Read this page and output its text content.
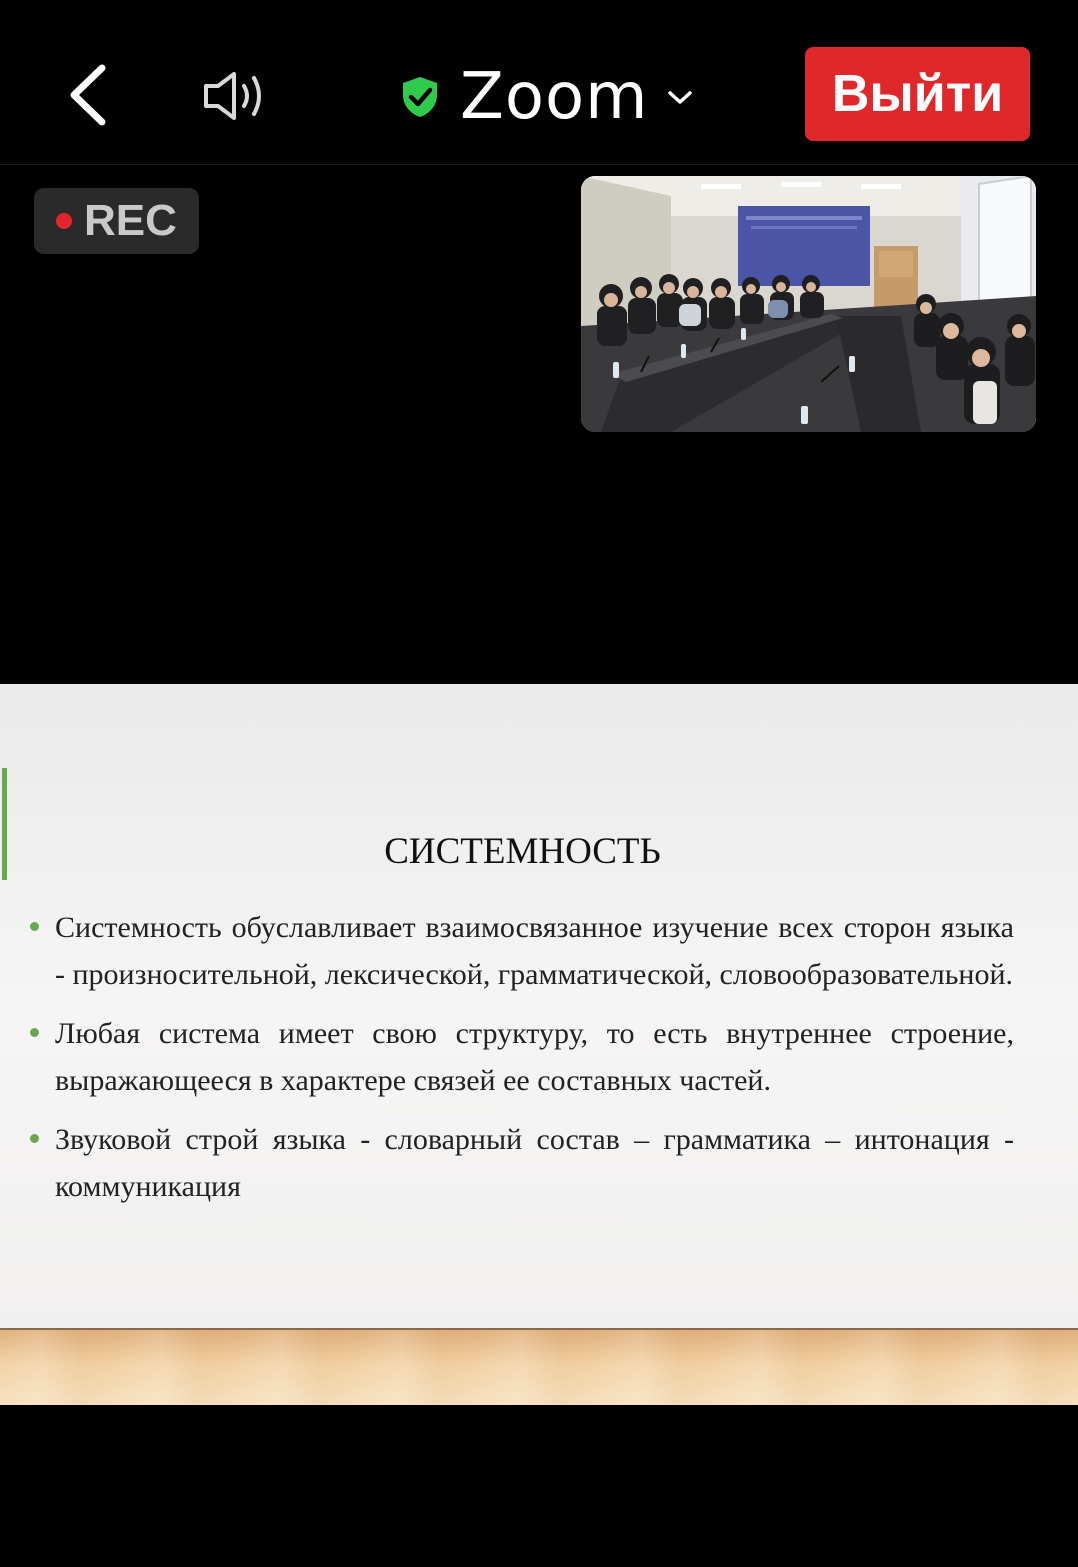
Zoom	Выйти
REC
СИСТЕМНОСТЬ
Системность обуславливает взаимосвязанное изучение всех сторон языка - произносительной, лексической, грамматической, словообразовательной.
Любая система имеет свою структуру, то есть внутреннее строение, выражающееся в характере связей ее составных частей.
Звуковой строй языка - словарный состав – грамматика – интонация - коммуникация
